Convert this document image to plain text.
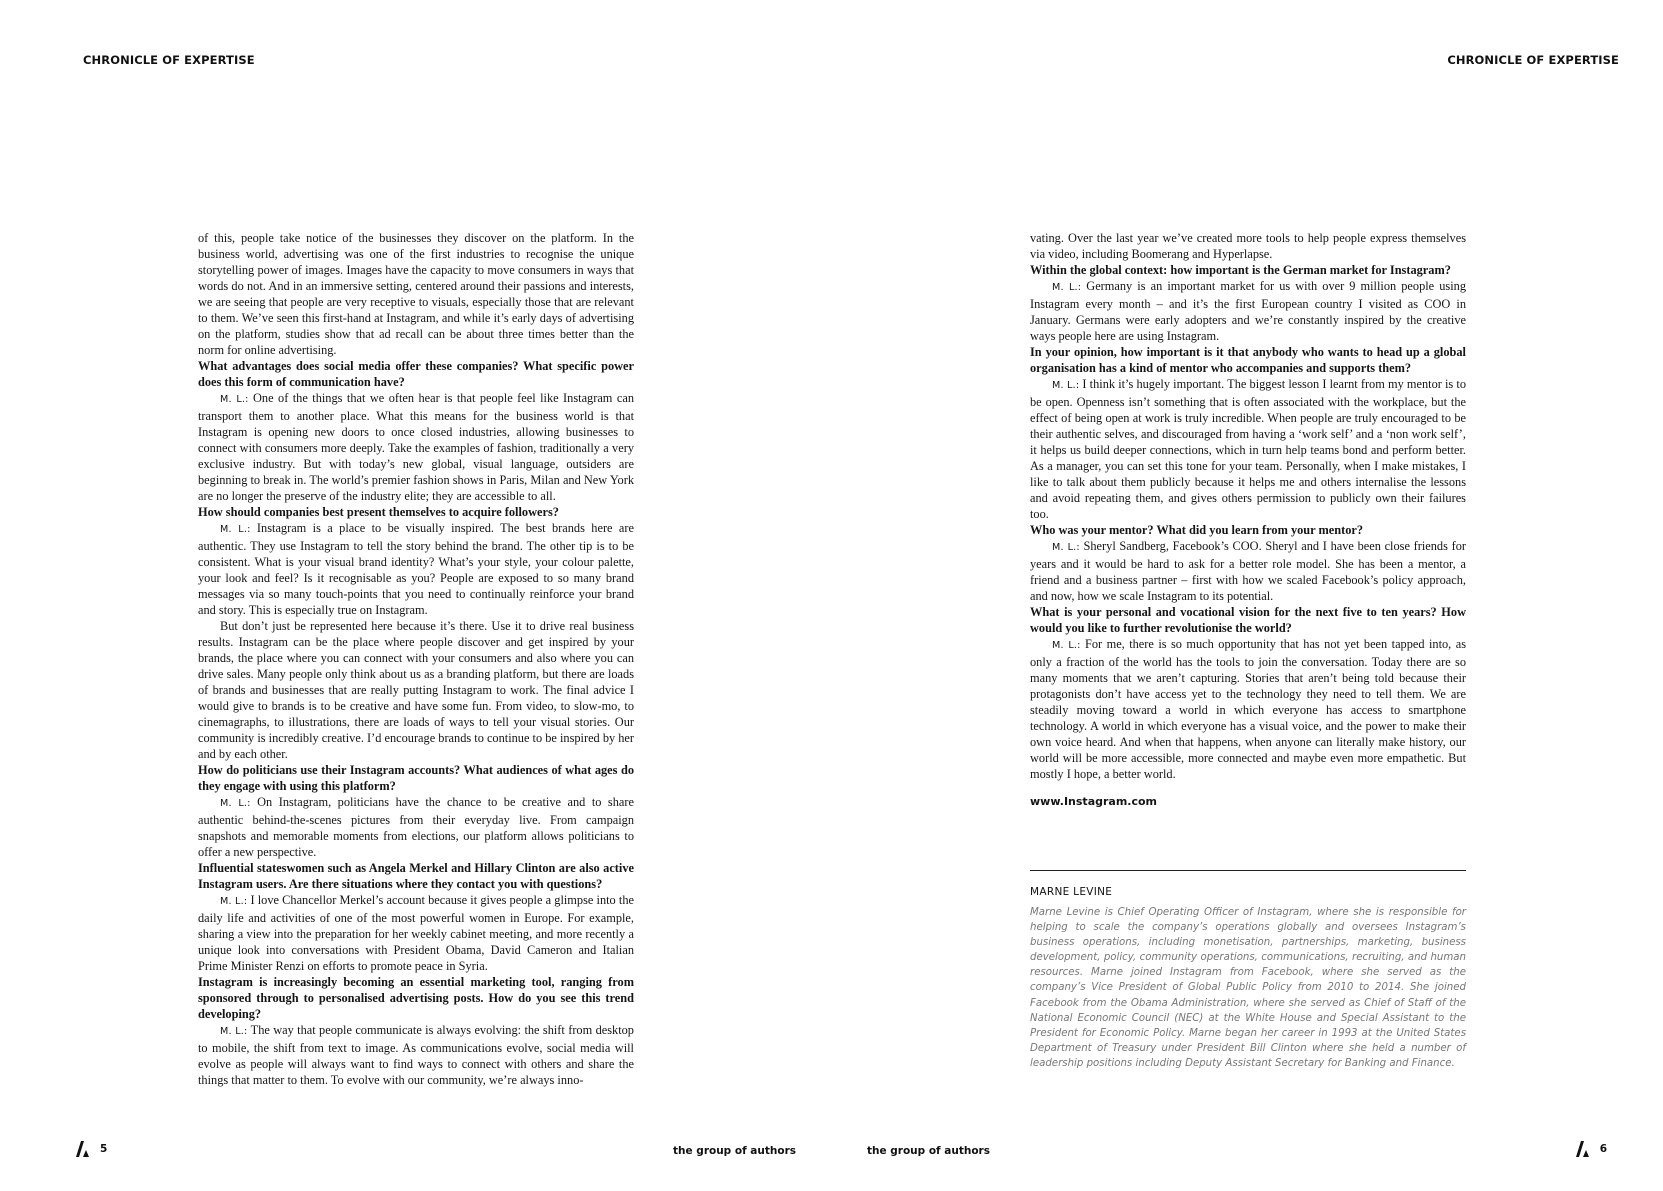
CHRONICLE OF EXPERTISE

of this, people take notice of the businesses they discover on the platform. In the business world, advertising was one of the first industries to recognise the unique storytelling power of images. Images have the capacity to move consumers in ways that words do not. And in an immersive setting, centered around their passions and interests, we are seeing that people are very receptive to visuals, especially those that are relevant to them. We’ve seen this first-hand at Instagram, and while it’s early days of advertising on the platform, studies show that ad recall can be about three times better than the norm for online advertising.

What advantages does social media offer these companies? What specific power does this form of communication have?

M. L.: One of the things that we often hear is that people feel like Instagram can transport them to another place. What this means for the business world is that Instagram is opening new doors to once closed industries, allowing businesses to connect with consumers more deeply. Take the examples of fashion, traditionally a very exclusive industry. But with today’s new global, visual language, outsiders are beginning to break in. The world’s premier fashion shows in Paris, Milan and New York are no longer the preserve of the industry elite; they are accessible to all.

How should companies best present themselves to acquire followers?

M. L.: Instagram is a place to be visually inspired. The best brands here are authentic. They use Instagram to tell the story behind the brand. The other tip is to be consistent. What is your visual brand identity? What’s your style, your colour palette, your look and feel? Is it recognisable as you? People are exposed to so many brand messages via so many touch-points that you need to continually reinforce your brand and story. This is especially true on Instagram.

But don’t just be represented here because it’s there. Use it to drive real business results. Instagram can be the place where people discover and get inspired by your brands, the place where you can connect with your consumers and also where you can drive sales. Many people only think about us as a branding platform, but there are loads of brands and businesses that are really putting Instagram to work. The final advice I would give to brands is to be creative and have some fun. From video, to slow-mo, to cinemagraphs, to illustrations, there are loads of ways to tell your visual stories. Our community is incredibly creative. I’d encourage brands to continue to be inspired by her and by each other.

How do politicians use their Instagram accounts? What audiences of what ages do they engage with using this platform?

M. L.: On Instagram, politicians have the chance to be creative and to share authentic behind-the-scenes pictures from their everyday live. From campaign snapshots and memorable moments from elections, our platform allows politicians to offer a new perspective.

Influential stateswomen such as Angela Merkel and Hillary Clinton are also active Instagram users. Are there situations where they contact you with questions?

M. L.: I love Chancellor Merkel’s account because it gives people a glimpse into the daily life and activities of one of the most powerful women in Europe. For example, sharing a view into the preparation for her weekly cabinet meeting, and more recently a unique look into conversations with President Obama, David Cameron and Italian Prime Minister Renzi on efforts to promote peace in Syria.

Instagram is increasingly becoming an essential marketing tool, ranging from sponsored through to personalised advertising posts. How do you see this trend developing?

M. L.: The way that people communicate is always evolving: the shift from desktop to mobile, the shift from text to image. As communications evolve, social media will evolve as people will always want to find ways to connect with others and share the things that matter to them. To evolve with our community, we’re always inno-

5	the group of authors
CHRONICLE OF EXPERTISE

vating. Over the last year we’ve created more tools to help people express themselves via video, including Boomerang and Hyperlapse.

Within the global context: how important is the German market for Instagram?

M. L.: Germany is an important market for us with over 9 million people using Instagram every month – and it’s the first European country I visited as COO in January. Germans were early adopters and we’re constantly inspired by the creative ways people here are using Instagram.

In your opinion, how important is it that anybody who wants to head up a global organisation has a kind of mentor who accompanies and supports them?

M. L.: I think it’s hugely important. The biggest lesson I learnt from my mentor is to be open. Openness isn’t something that is often associated with the workplace, but the effect of being open at work is truly incredible. When people are truly encouraged to be their authentic selves, and discouraged from having a ‘work self’ and a ‘non work self’, it helps us build deeper connections, which in turn help teams bond and perform better. As a manager, you can set this tone for your team. Personally, when I make mistakes, I like to talk about them publicly because it helps me and others internalise the lessons and avoid repeating them, and gives others permission to publicly own their failures too.

Who was your mentor? What did you learn from your mentor?

M. L.: Sheryl Sandberg, Facebook’s COO. Sheryl and I have been close friends for years and it would be hard to ask for a better role model. She has been a mentor, a friend and a business partner – first with how we scaled Facebook’s policy approach, and now, how we scale Instagram to its potential.

What is your personal and vocational vision for the next five to ten years? How would you like to further revolutionise the world?

M. L.: For me, there is so much opportunity that has not yet been tapped into, as only a fraction of the world has the tools to join the conversation. Today there are so many moments that we aren’t capturing. Stories that aren’t being told because their protagonists don’t have access yet to the technology they need to tell them. We are steadily moving toward a world in which everyone has access to smartphone technology. A world in which everyone has a visual voice, and the power to make their own voice heard. And when that happens, when anyone can literally make history, our world will be more accessible, more connected and maybe even more empathetic. But mostly I hope, a better world.

www.Instagram.com

MARNE LEVINE
Marne Levine is Chief Operating Officer of Instagram, where she is responsible for helping to scale the company’s operations globally and oversees Instagram’s business operations, including monetisation, partnerships, marketing, business development, policy, community operations, communications, recruiting, and human resources. Marne joined Instagram from Facebook, where she served as the company’s Vice President of Global Public Policy from 2010 to 2014. She joined Facebook from the Obama Administration, where she served as Chief of Staff of the National Economic Council (NEC) at the White House and Special Assistant to the President for Economic Policy. Marne began her career in 1993 at the United States Department of Treasury under President Bill Clinton where she held a number of leadership positions including Deputy Assistant Secretary for Banking and Finance.
the group of authors	6
